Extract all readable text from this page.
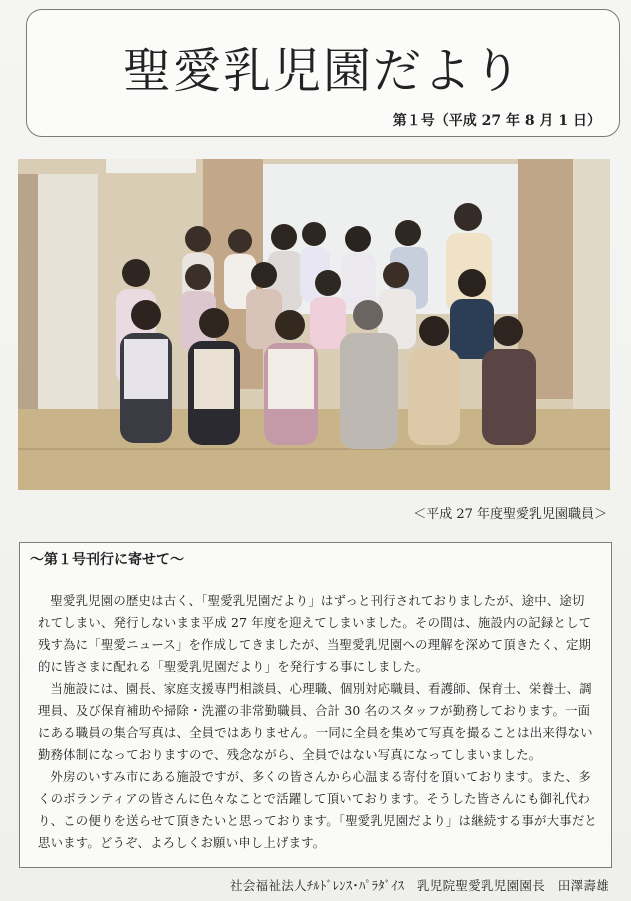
聖愛乳児園だより
第１号（平成 27 年 8 月 1 日）
＜平成 27 年度聖愛乳児園職員＞
～第１号刊行に寄せて～

聖愛乳児園の歴史は古く、「聖愛乳児園だより」はずっと刊行されておりましたが、途中、途切れてしまい、発行しないまま平成 27 年度を迎えてしまいました。その間は、施設内の記録として残す為に「聖愛ニュース」を作成してきましたが、当聖愛乳児園への理解を深めて頂きたく、定期的に皆さまに配れる「聖愛乳児園だより」を発行する事にしました。

当施設には、園長、家庭支援専門相談員、心理職、個別対応職員、看護師、保育士、栄養士、調理員、及び保育補助や掃除・洗濯の非常勤職員、合計 30 名のスタッフが勤務しております。一面にある職員の集合写真は、全員ではありません。一同に全員を集めて写真を撮ることは出来得ない勤務体制になっておりますので、残念ながら、全員ではない写真になってしまいました。

外房のいすみ市にある施設ですが、多くの皆さんから心温まる寄付を頂いております。また、多くのボランティアの皆さんに色々なことで活躍して頂いております。そうした皆さんにも御礼代わり、この便りを送らせて頂きたいと思っております。「聖愛乳児園だより」は継続する事が大事だと思います。どうぞ、よろしくお願い申し上げます。

社会福祉法人ﾁﾙﾄﾞﾚﾝｽ･ﾊﾟﾗﾀﾞｲｽ　乳児院聖愛乳児園園長　田澤壽雄
